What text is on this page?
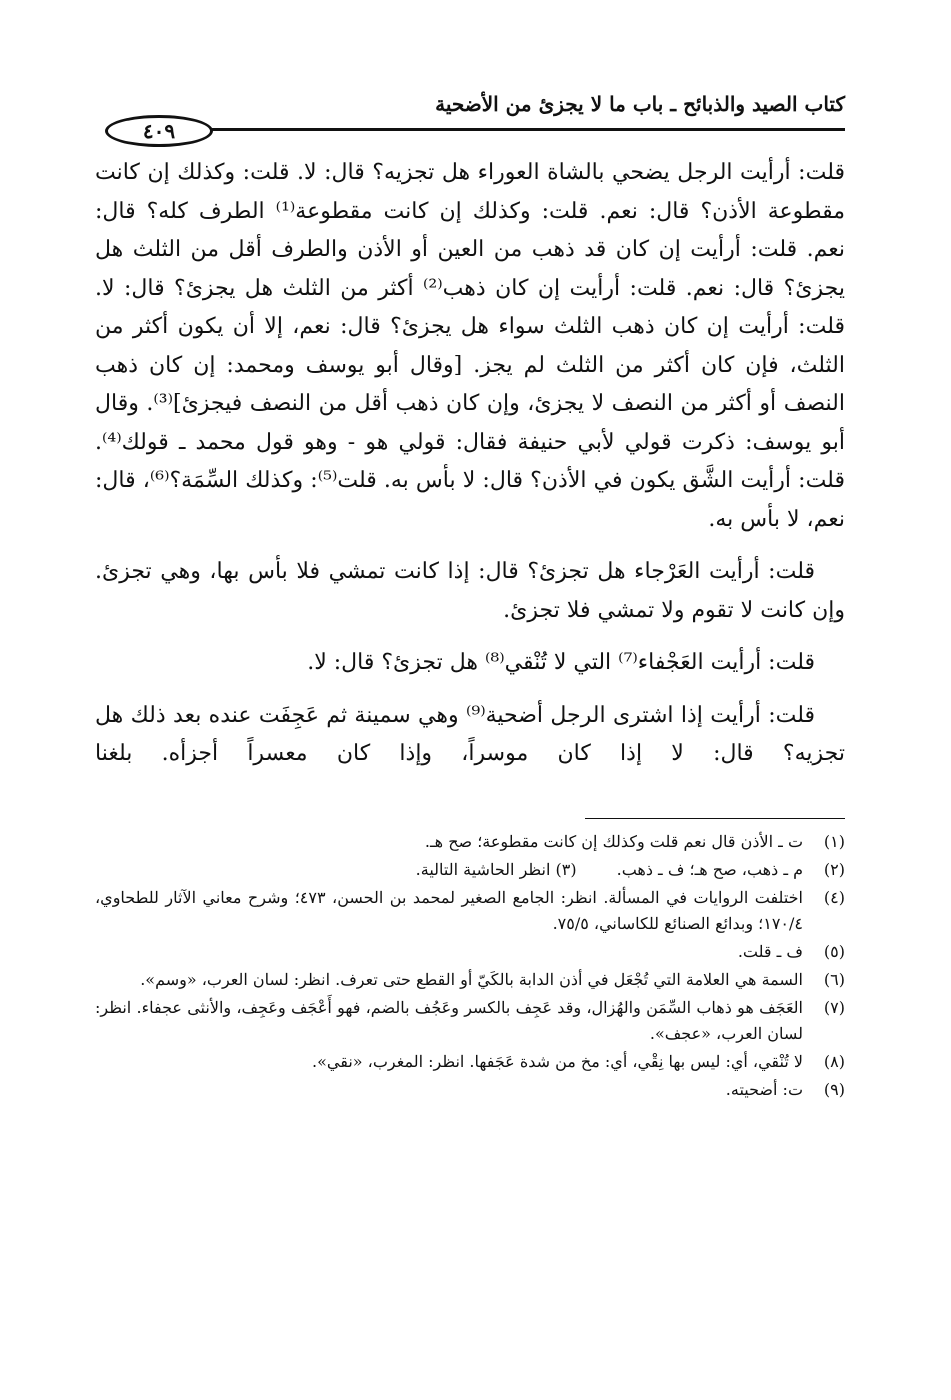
كتاب الصيد والذبائح ـ باب ما لا يجزئ من الأضحية
٤٠٩

قلت: أرأيت الرجل يضحي بالشاة العوراء هل تجزيه؟ قال: لا. قلت: وكذلك إن كانت مقطوعة الأذن؟ قال: نعم. قلت: وكذلك إن كانت مقطوعة⁽¹⁾ الطرف كله؟ قال: نعم. قلت: أرأيت إن كان قد ذهب من العين أو الأذن والطرف أقل من الثلث هل يجزئ؟ قال: نعم. قلت: أرأيت إن كان ذهب⁽²⁾ أكثر من الثلث هل يجزئ؟ قال: لا. قلت: أرأيت إن كان ذهب الثلث سواء هل يجزئ؟ قال: نعم، إلا أن يكون أكثر من الثلث، فإن كان أكثر من الثلث لم يجز. [وقال أبو يوسف ومحمد: إن كان ذهب النصف أو أكثر من النصف لا يجزئ، وإن كان ذهب أقل من النصف فيجزئ]⁽³⁾. وقال أبو يوسف: ذكرت قولي لأبي حنيفة فقال: قولي هو - وهو قول محمد ـ قولك⁽⁴⁾. قلت: أرأيت الشَّق يكون في الأذن؟ قال: لا بأس به. قلت⁽⁵⁾: وكذلك السِّمَة؟⁽⁶⁾، قال: نعم، لا بأس به.

قلت: أرأيت العَرْجاء هل تجزئ؟ قال: إذا كانت تمشي فلا بأس بها، وهي تجزئ. وإن كانت لا تقوم ولا تمشي فلا تجزئ.

قلت: أرأيت العَجْفاء⁽⁷⁾ التي لا تُنْقي⁽⁸⁾ هل تجزئ؟ قال: لا.

قلت: أرأيت إذا اشترى الرجل أضحية⁽⁹⁾ وهي سمينة ثم عَجِفَت عنده بعد ذلك هل تجزيه؟ قال: لا إذا كان موسراً، وإذا كان معسراً أجزأه. بلغنا

(١)
ت ـ الأذن قال نعم قلت وكذلك إن كانت مقطوعة؛ صح هـ.
(٢)
م ـ ذهب، صح هـ؛ ف ـ ذهب.(٣) انظر الحاشية التالية.
(٤)
اختلفت الروايات في المسألة. انظر: الجامع الصغير لمحمد بن الحسن، ٤٧٣؛ وشرح معاني الآثار للطحاوي، ١٧٠/٤؛ وبدائع الصنائع للكاساني، ٧٥/٥.
(٥)
ف ـ قلت.
(٦)
السمة هي العلامة التي تُجْعَل في أذن الدابة بالكَيّ أو القطع حتى تعرف. انظر: لسان العرب، «وسم».
(٧)
العَجَف هو ذهاب السِّمَن والهُزال، وقد عَجِف بالكسر وعَجُف بالضم، فهو أَعْجَف وعَجِف، والأنثى عجفاء. انظر: لسان العرب، «عجف».
(٨)
لا تُنْقي، أي: ليس بها نِقْي، أي: مخ من شدة عَجَفها. انظر: المغرب، «نقي».
(٩)
ت: أضحيته.
